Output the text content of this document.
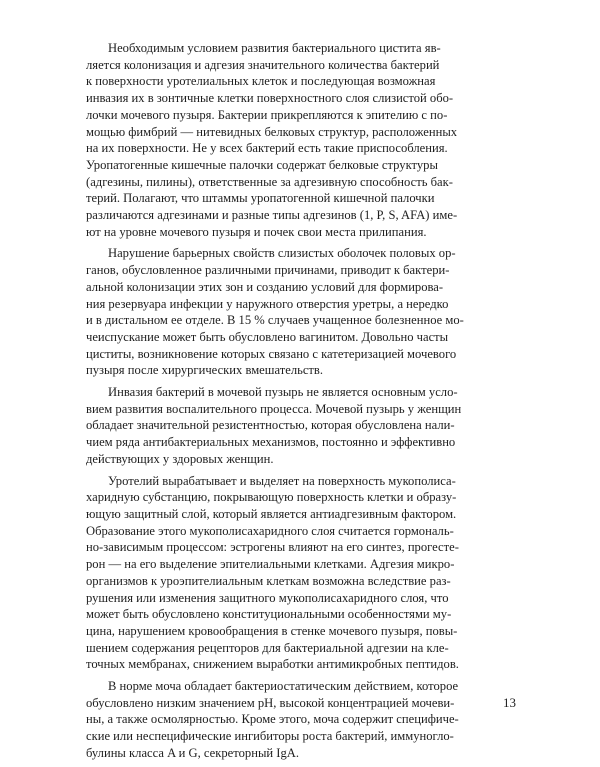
Необходимым условием развития бактериального цистита яв-
ляется колонизация и адгезия значительного количества бактерий
к поверхности уротелиальных клеток и последующая возможная
инвазия их в зонтичные клетки поверхностного слоя слизистой обо-
лочки мочевого пузыря. Бактерии прикрепляются к эпителию с по-
мощью фимбрий — нитевидных белковых структур, расположенных
на их поверхности. Не у всех бактерий есть такие приспособления.
Уропатогенные кишечные палочки содержат белковые структуры
(адгезины, пилины), ответственные за адгезивную способность бак-
терий. Полагают, что штаммы уропатогенной кишечной палочки
различаются адгезинами и разные типы адгезинов (1, P, S, AFA) име-
ют на уровне мочевого пузыря и почек свои места прилипания.

Нарушение барьерных свойств слизистых оболочек половых ор-
ганов, обусловленное различными причинами, приводит к бактери-
альной колонизации этих зон и созданию условий для формирова-
ния резервуара инфекции у наружного отверстия уретры, а нередко
и в дистальном ее отделе. В 15 % случаев учащенное болезненное мо-
чеиспускание может быть обусловлено вагинитом. Довольно часты
циститы, возникновение которых связано с катетеризацией мочевого
пузыря после хирургических вмешательств.

Инвазия бактерий в мочевой пузырь не является основным усло-
вием развития воспалительного процесса. Мочевой пузырь у женщин
обладает значительной резистентностью, которая обусловлена нали-
чием ряда антибактериальных механизмов, постоянно и эффективно
действующих у здоровых женщин.

Уротелий вырабатывает и выделяет на поверхность мукополиса-
харидную субстанцию, покрывающую поверхность клетки и образу-
ющую защитный слой, который является антиадгезивным фактором.
Образование этого мукополисахаридного слоя считается гормональ-
но-зависимым процессом: эстрогены влияют на его синтез, прогесте-
рон — на его выделение эпителиальными клетками. Адгезия микро-
организмов к уроэпителиальным клеткам возможна вследствие раз-
рушения или изменения защитного мукополисахаридного слоя, что
может быть обусловлено конституциональными особенностями му-
цина, нарушением кровообращения в стенке мочевого пузыря, повы-
шением содержания рецепторов для бактериальной адгезии на кле-
точных мембранах, снижением выработки антимикробных пептидов.

В норме моча обладает бактериостатическим действием, которое
обусловлено низким значением pH, высокой концентрацией мочеви-
ны, а также осмолярностью. Кроме этого, моча содержит специфиче-
ские или неспецифические ингибиторы роста бактерий, иммуногло-
булины класса A и G, секреторный IgA.

13
